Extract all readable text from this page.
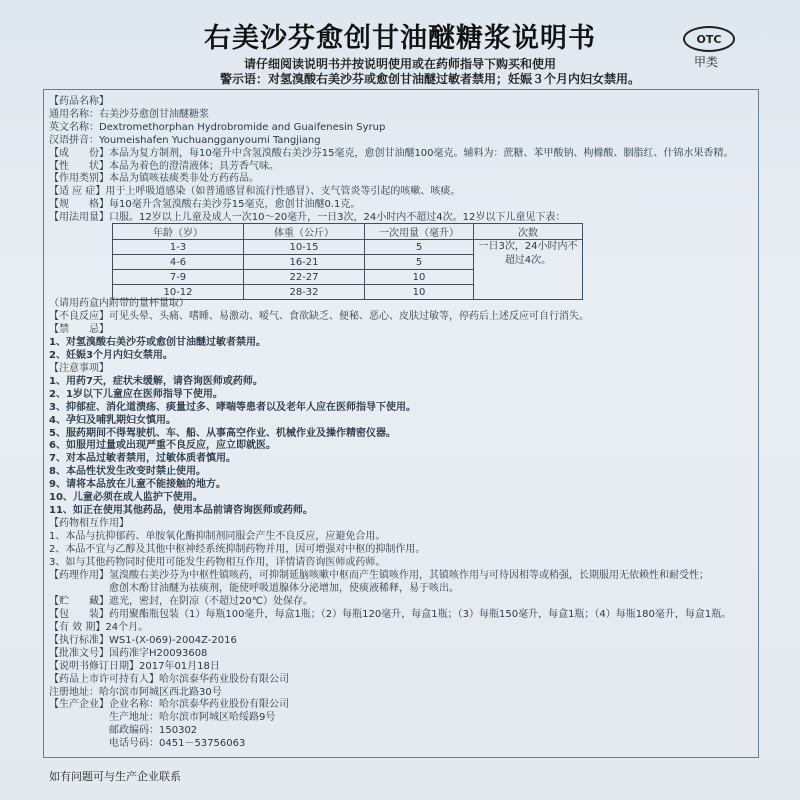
右美沙芬愈创甘油醚糖浆说明书	OTC
甲类
请仔细阅读说明书并按说明使用或在药师指导下购买和使用
警示语：对氢溴酸右美沙芬或愈创甘油醚过敏者禁用；妊娠３个月内妇女禁用。
【药品名称】
通用名称：右美沙芬愈创甘油醚糖浆
英文名称：Dextromethorphan Hydrobromide and Guaifenesin Syrup
汉语拼音：Youmeishafen Yuchuangganyoumi Tangjiang
【成　　份】本品为复方制剂，每10毫升中含氢溴酸右美沙芬15毫克，愈创甘油醚100毫克。辅料为：蔗糖、苯甲酸钠、枸橼酸、胭脂红、什锦水果香精。
【性　　状】本品为着色的澄清液体；具芳香气味。
【作用类别】本品为镇咳祛痰类非处方药药品。
【适 应 症】用于上呼吸道感染（如普通感冒和流行性感冒）、支气管炎等引起的咳嗽、咳痰。
【规　　格】每10毫升含氢溴酸右美沙芬15毫克，愈创甘油醚0.1克。
【用法用量】口服。12岁以上儿童及成人一次10～20毫升，一日3次，24小时内不超过4次。12岁以下儿童见下表：
年龄（岁）	体重（公斤）	一次用量（毫升）	次数
1-3	10-15	5	一日3次，24小时内不超过4次。
4-6	16-21	5	
7-9	22-27	10	
10-12	28-32	10	
（请用药盒内附带的量杯量取）
【不良反应】可见头晕、头痛、嗜睡、易激动、嗳气、食欲缺乏、便秘、恶心、皮肤过敏等，停药后上述反应可自行消失。
【禁　　忌】
1、对氢溴酸右美沙芬或愈创甘油醚过敏者禁用。
2、妊娠3个月内妇女禁用。
【注意事项】
1、用药7天，症状未缓解，请咨询医师或药师。
2、1岁以下儿童应在医师指导下使用。
3、抑郁症、消化道溃疡、痰量过多、哮喘等患者以及老年人应在医师指导下使用。
4、孕妇及哺乳期妇女慎用。
5、服药期间不得驾驶机、车、船、从事高空作业、机械作业及操作精密仪器。
6、如服用过量或出现严重不良反应，应立即就医。
7、对本品过敏者禁用，过敏体质者慎用。
8、本品性状发生改变时禁止使用。
9、请将本品放在儿童不能接触的地方。
10、儿童必须在成人监护下使用。
11、如正在使用其他药品，使用本品前请咨询医师或药师。
【药物相互作用】
1、本品与抗抑郁药、单胺氧化酶抑制剂同服会产生不良反应，应避免合用。
2、本品不宜与乙醇及其他中枢神经系统抑制药物并用，因可增强对中枢的抑制作用。
3、如与其他药物同时使用可能发生药物相互作用，详情请咨询医师或药师。
【药理作用】氢溴酸右美沙芬为中枢性镇咳药，可抑制延脑咳嗽中枢而产生镇咳作用，其镇咳作用与可待因相等或稍强，长期服用无依赖性和耐受性；
　　　　　　愈创木酚甘油醚为祛痰剂，能使呼吸道腺体分泌增加，使痰液稀释，易于咳出。
【贮　　藏】遮光，密封，在阴凉（不超过20℃）处保存。
【包　　装】药用聚酯瓶包装（1）每瓶100毫升，每盒1瓶；（2）每瓶120毫升，每盒1瓶；（3）每瓶150毫升，每盒1瓶；（4）每瓶180毫升，每盒1瓶。
【有 效 期】24个月。
【执行标准】WS1-(X-069)-2004Z-2016
【批准文号】国药准字H20093608
【说明书修订日期】2017年01月18日
【药品上市许可持有人】哈尔滨泰华药业股份有限公司
注册地址：哈尔滨市阿城区西北路30号
【生产企业】企业名称：哈尔滨泰华药业股份有限公司
　　　　　　生产地址：哈尔滨市阿城区哈绥路9号
　　　　　　邮政编码：150302
　　　　　　电话号码：0451－53756063
如有问题可与生产企业联系
